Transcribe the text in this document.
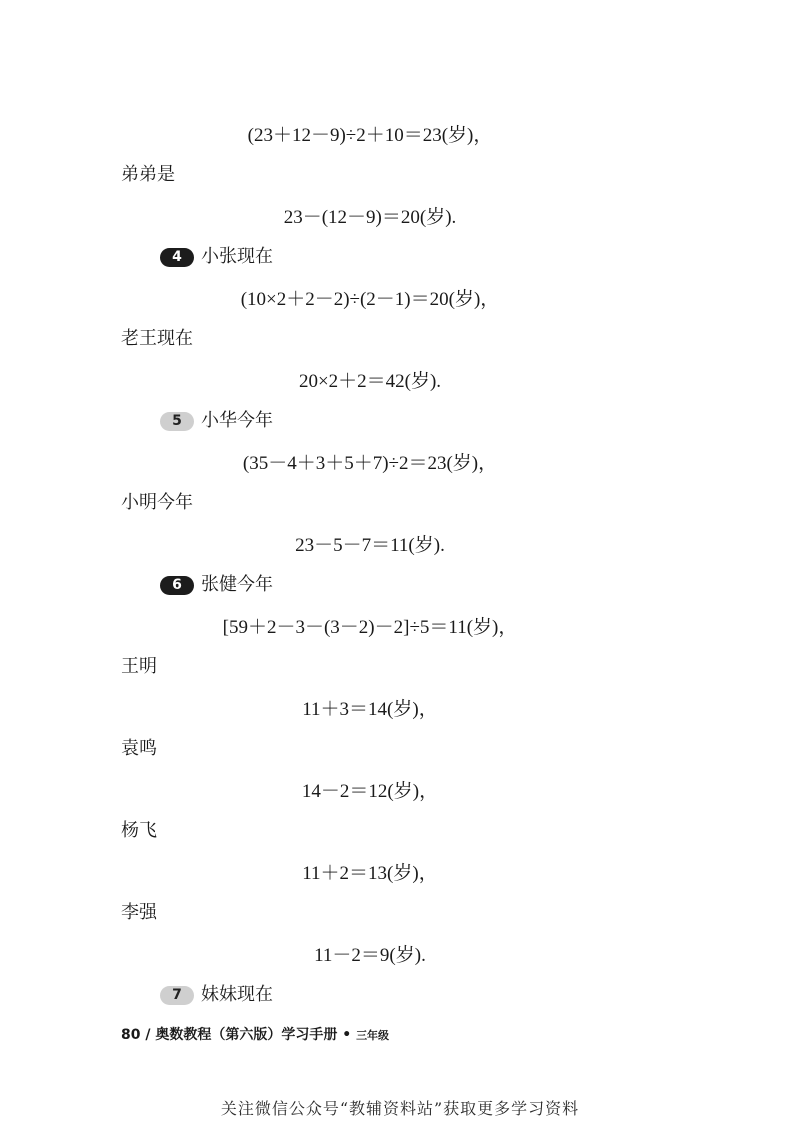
(23＋12－9)÷2＋10＝23(岁)，
弟弟是
23－(12－9)＝20(岁).
4	小张现在
(10×2＋2－2)÷(2－1)＝20(岁)，
老王现在
20×2＋2＝42(岁).
5	小华今年
(35－4＋3＋5＋7)÷2＝23(岁)，
小明今年
23－5－7＝11(岁).
6	张健今年
[59＋2－3－(3－2)－2]÷5＝11(岁)，
王明
11＋3＝14(岁)，
袁鸣
14－2＝12(岁)，
杨飞
11＋2＝13(岁)，
李强
11－2＝9(岁).
7	妹妹现在
80 / 奥数教程（第六版）学习手册 • 三年级
关注微信公众号“教辅资料站”获取更多学习资料
